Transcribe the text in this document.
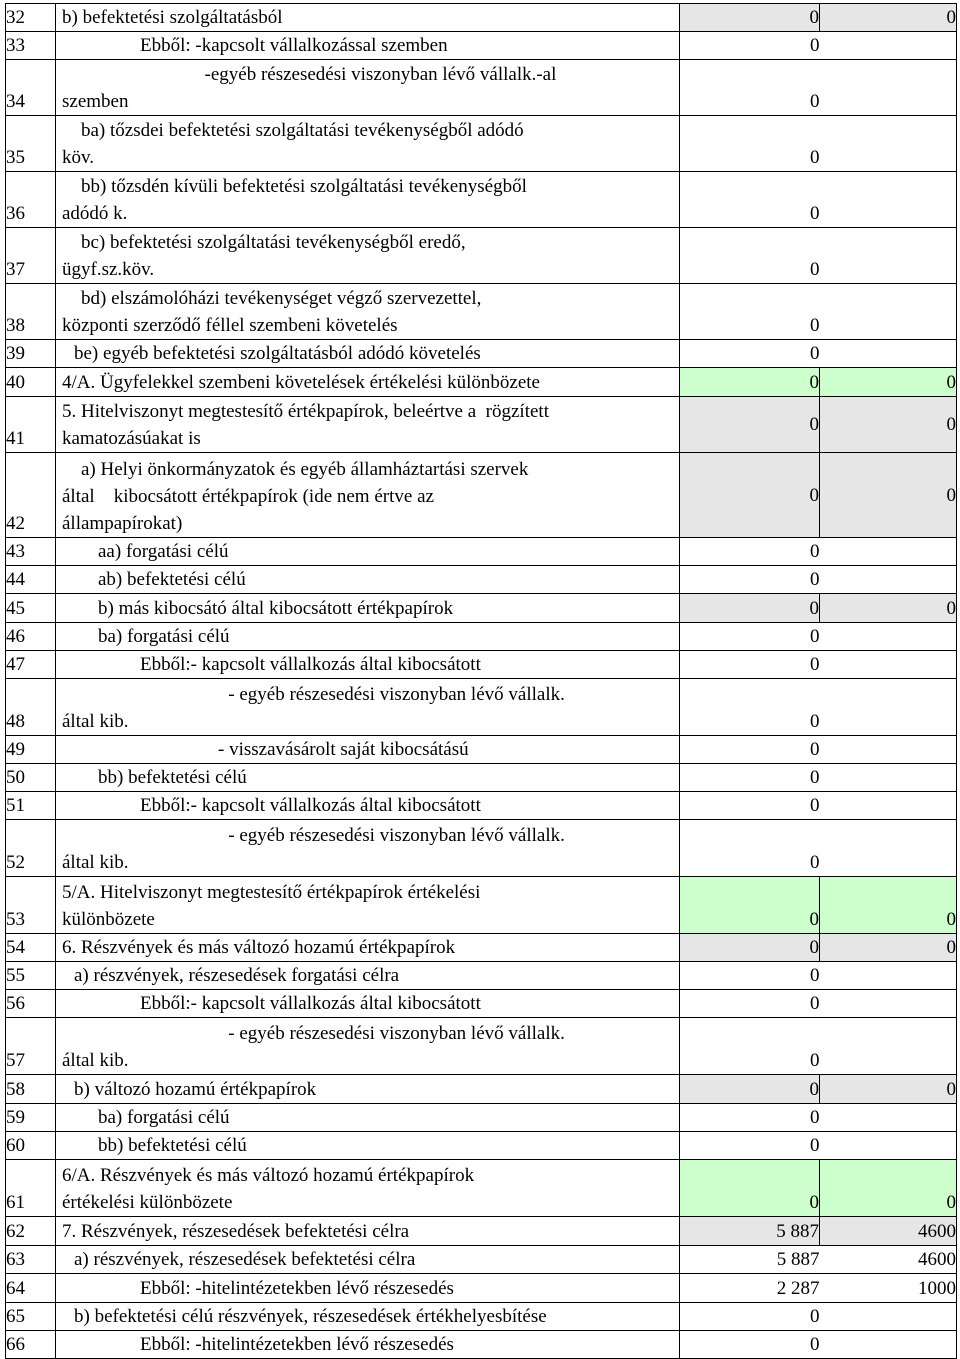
32	b) befektetési szolgáltatásból	0	0
33	Ebből: -kapcsolt vállalkozással szemben	0	
34	-egyéb részesedési viszonyban lévő vállalk.-al
szemben	0	
35	ba) tőzsdei befektetési szolgáltatási tevékenységből adódó
köv.	0	
36	bb) tőzsdén kívüli befektetési szolgáltatási tevékenységből
adódó k.	0	
37	bc) befektetési szolgáltatási tevékenységből eredő,
ügyf.sz.köv.	0	
38	bd) elszámolóházi tevékenységet végző szervezettel,
központi szerződő féllel szembeni követelés	0	
39	be) egyéb befektetési szolgáltatásból adódó követelés	0	
40	4/A. Ügyfelekkel szembeni követelések értékelési különbözete	0	0
41	5. Hitelviszonyt megtestesítő értékpapírok, beleértve a  rögzített
kamatozásúakat is	0	0
42	a) Helyi önkormányzatok és egyéb államháztartási szervek
által    kibocsátott értékpapírok (ide nem értve az
állampapírokat)	0	0
43	aa) forgatási célú	0	
44	ab) befektetési célú	0	
45	b) más kibocsátó által kibocsátott értékpapírok	0	0
46	ba) forgatási célú	0	
47	Ebből:- kapcsolt vállalkozás által kibocsátott	0	
48	- egyéb részesedési viszonyban lévő vállalk.
által kib.	0	
49	- visszavásárolt saját kibocsátású	0	
50	bb) befektetési célú	0	
51	Ebből:- kapcsolt vállalkozás által kibocsátott	0	
52	- egyéb részesedési viszonyban lévő vállalk.
által kib.	0	
53	5/A. Hitelviszonyt megtestesítő értékpapírok értékelési
különbözete	0	0
54	6. Részvények és más változó hozamú értékpapírok	0	0
55	a) részvények, részesedések forgatási célra	0	
56	Ebből:- kapcsolt vállalkozás által kibocsátott	0	
57	- egyéb részesedési viszonyban lévő vállalk.
által kib.	0	
58	b) változó hozamú értékpapírok	0	0
59	ba) forgatási célú	0	
60	bb) befektetési célú	0	
61	6/A. Részvények és más változó hozamú értékpapírok
értékelési különbözete	0	0
62	7. Részvények, részesedések befektetési célra	5 887	4600
63	a) részvények, részesedések befektetési célra	5 887	4600
64	Ebből: -hitelintézetekben lévő részesedés	2 287	1000
65	b) befektetési célú részvények, részesedések értékhelyesbítése	0	
66	Ebből: -hitelintézetekben lévő részesedés	0	
